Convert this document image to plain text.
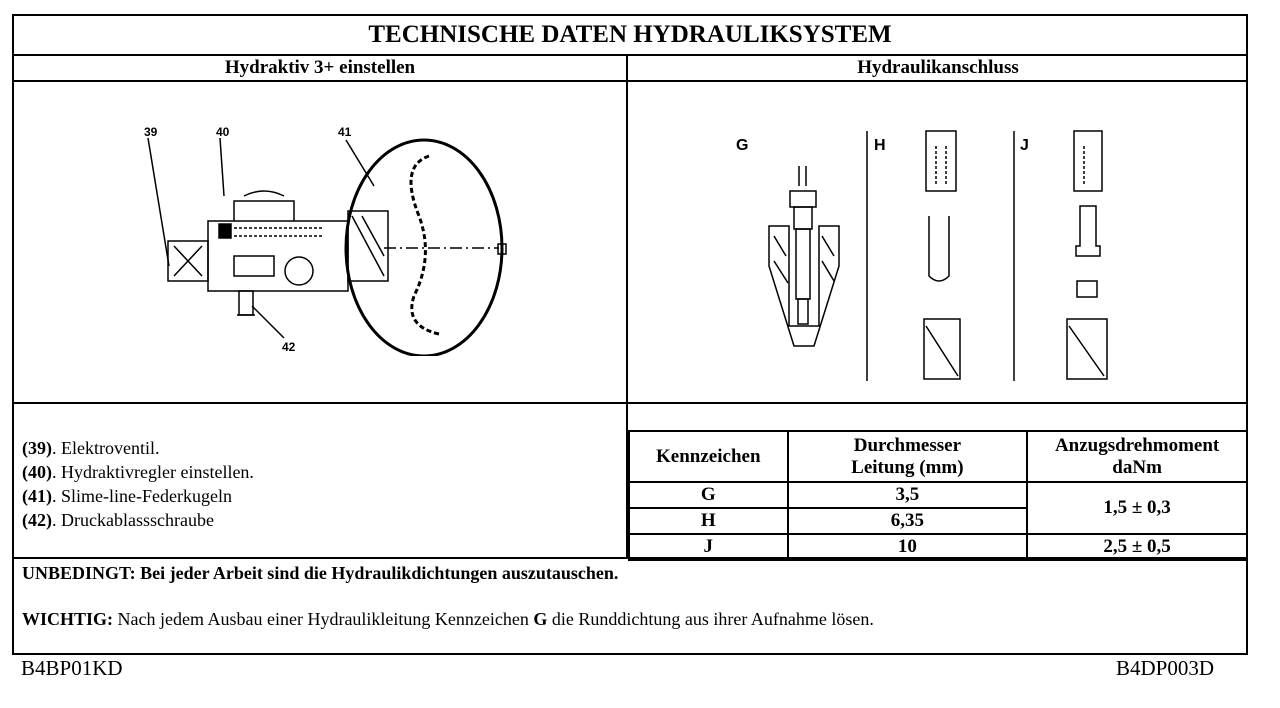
TECHNISCHE DATEN HYDRAULIKSYSTEM
Hydraktiv 3+ einstellen	Hydraulikanschluss
39	40	41
42
G	H	J
(39). Elektroventil.
(40). Hydraktivregler einstellen.
(41). Slime-line-Federkugeln
(42). Druckablassschraube
Kennzeichen	Durchmesser Leitung (mm)	Anzugsdrehmoment daNm
G	3,5	1,5 ± 0,3
H	6,35	
J	10	2,5 ± 0,5

UNBEDINGT: Bei jeder Arbeit sind die Hydraulikdichtungen auszutauschen.

WICHTIG: Nach jedem Ausbau einer Hydraulikleitung Kennzeichen G die Runddichtung aus ihrer Aufnahme lösen.

B4BP01KD	B4DP003D
